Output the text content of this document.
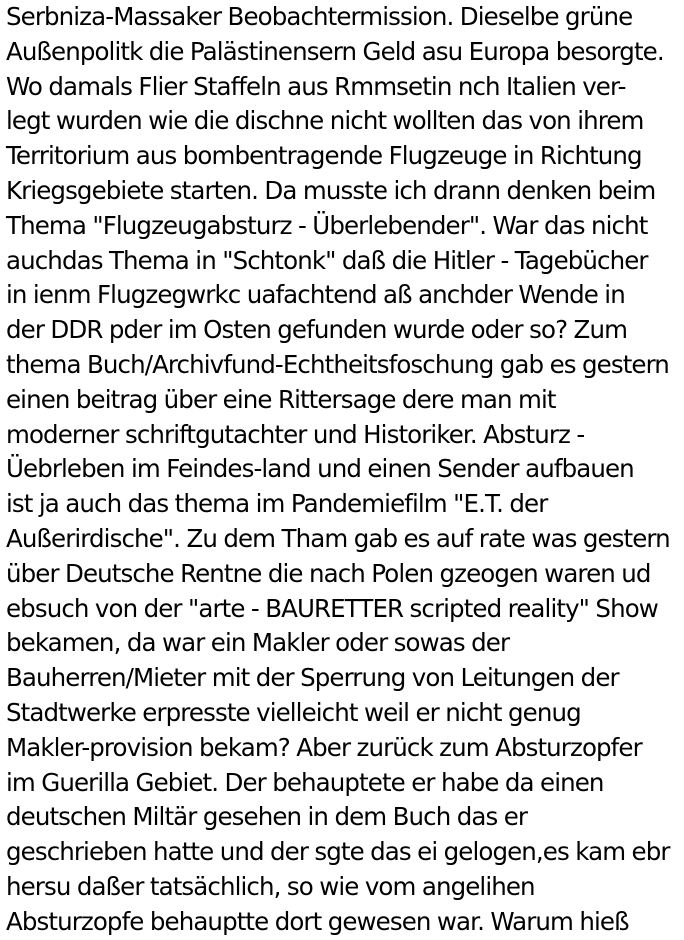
Serbniza-Massaker Beobachtermission. Dieselbe grüne
Außenpolitk die Palästinensern Geld asu Europa besorgte.
Wo damals Flier Staffeln aus Rmmsetin nch Italien ver-
legt wurden wie die dischne nicht wollten das von ihrem
Territorium aus bombentragende Flugzeuge in Richtung
Kriegsgebiete starten. Da musste ich drann denken beim
Thema "Flugzeugabsturz - Überlebender". War das nicht
auchdas Thema in "Schtonk" daß die Hitler - Tagebücher
in ienm Flugzegwrkc uafachtend aß anchder Wende in
der DDR pder im Osten gefunden wurde oder so? Zum
thema Buch/Archivfund-Echtheitsfoschung gab es gestern
einen beitrag über eine Rittersage dere man mit
moderner schriftgutachter und Historiker. Absturz -
Üebrleben im Feindes-land und einen Sender aufbauen
ist ja auch das thema im Pandemiefilm "E.T. der
Außerirdische". Zu dem Tham gab es auf rate was gestern
über Deutsche Rentne die nach Polen gzeogen waren ud
ebsuch von der "arte - BAURETTER scripted reality" Show
bekamen, da war ein Makler oder sowas der
Bauherren/Mieter mit der Sperrung von Leitungen der
Stadtwerke erpresste vielleicht weil er nicht genug
Makler-provision bekam? Aber zurück zum Absturzopfer
im Guerilla Gebiet. Der behauptete er habe da einen
deutschen Miltär gesehen in dem Buch das er
geschrieben hatte und der sgte das ei gelogen,es kam ebr
hersu daßer tatsächlich, so wie vom angelihen
Absturzopfe behauptte dort gewesen war. Warum hieß
